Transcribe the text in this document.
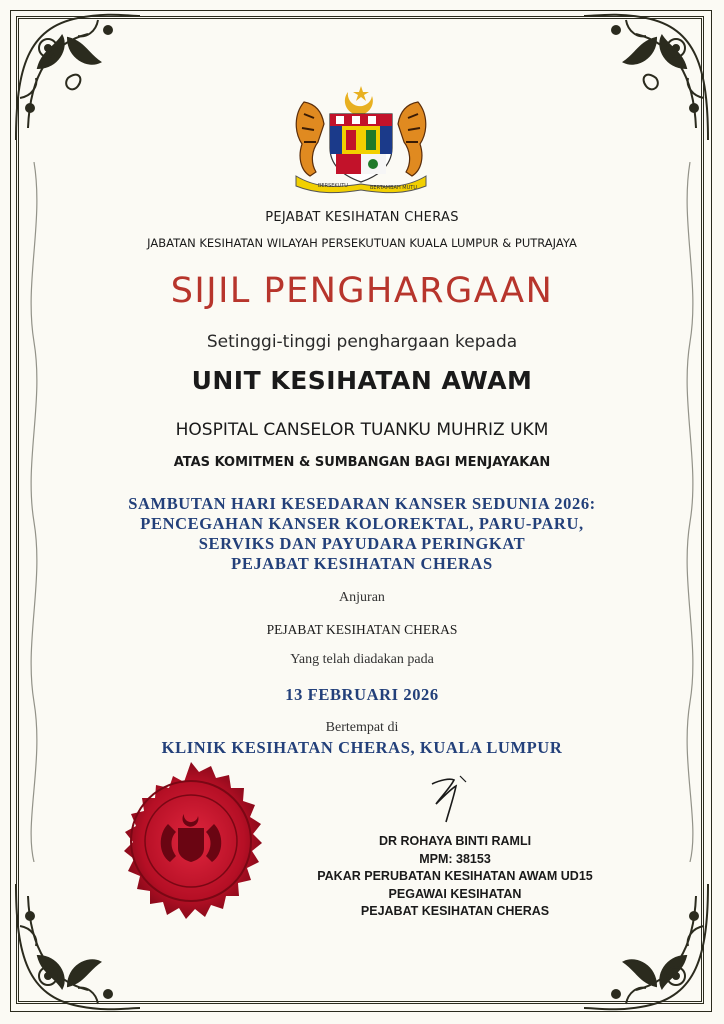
BERSEKUTU	BERTAMBAH MUTU
PEJABAT KESIHATAN CHERAS
JABATAN KESIHATAN WILAYAH PERSEKUTUAN KUALA LUMPUR & PUTRAJAYA
SIJIL PENGHARGAAN
Setinggi-tinggi penghargaan kepada
UNIT KESIHATAN AWAM
HOSPITAL CANSELOR TUANKU MUHRIZ UKM
ATAS KOMITMEN & SUMBANGAN BAGI MENJAYAKAN
SAMBUTAN HARI KESEDARAN KANSER SEDUNIA 2026:
PENCEGAHAN KANSER KOLOREKTAL, PARU-PARU,
SERVIKS DAN PAYUDARA PERINGKAT
PEJABAT KESIHATAN CHERAS
Anjuran
PEJABAT KESIHATAN CHERAS
Yang telah diadakan pada
13 FEBRUARI 2026
Bertempat di
KLINIK KESIHATAN CHERAS, KUALA LUMPUR
DR ROHAYA BINTI RAMLI
MPM: 38153
PAKAR PERUBATAN KESIHATAN AWAM UD15
PEGAWAI KESIHATAN
PEJABAT KESIHATAN CHERAS
